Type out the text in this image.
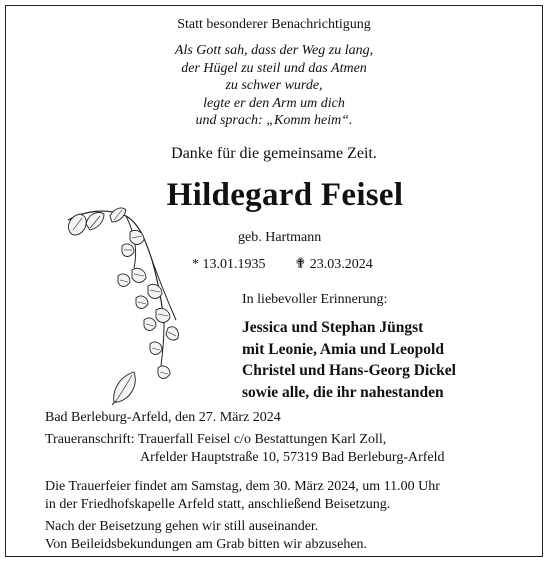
Statt besonderer Benachrichtigung
Als Gott sah, dass der Weg zu lang,
der Hügel zu steil und das Atmen
zu schwer wurde,
legte er den Arm um dich
und sprach: „Komm heim“.
Danke für die gemeinsame Zeit.
Hildegard Feisel
geb. Hartmann
* 13.01.1935 ✟ 23.03.2024
In liebevoller Erinnerung:
Jessica und Stephan Jüngst
mit Leonie, Amia und Leopold
Christel und Hans-Georg Dickel
sowie alle, die ihr nahestanden
Bad Berleburg-Arfeld, den 27. März 2024
Traueranschrift: Trauerfall Feisel c/o Bestattungen Karl Zoll,
Arfelder Hauptstraße 10, 57319 Bad Berleburg-Arfeld
Die Trauerfeier findet am Samstag, dem 30. März 2024, um 11.00 Uhr
in der Friedhofskapelle Arfeld statt, anschließend Beisetzung.
Nach der Beisetzung gehen wir still auseinander.
Von Beileidsbekundungen am Grab bitten wir abzusehen.
